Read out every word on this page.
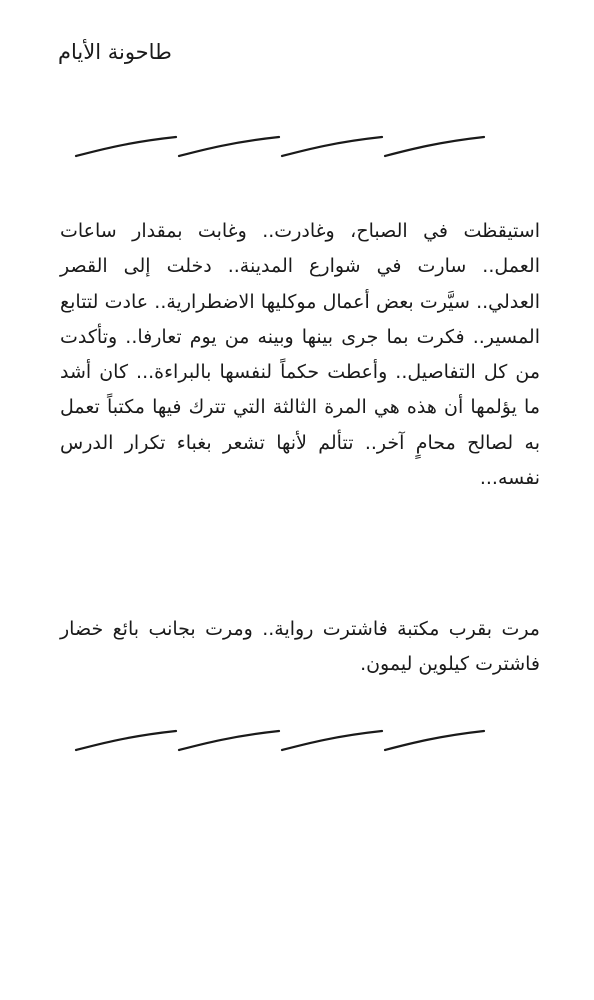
طاحونة الأيام

استيقظت في الصباح، وغادرت.. وغابت بمقدار ساعات العمل.. سارت في شوارع المدينة.. دخلت إلى القصر العدلي.. سيَّرت بعض أعمال موكليها الاضطرارية.. عادت لتتابع المسير.. فكرت بما جرى بينها وبينه من يوم تعارفا.. وتأكدت من كل التفاصيل.. وأعطت حكماً لنفسها بالبراءة... كان أشد ما يؤلمها أن هذه هي المرة الثالثة التي تترك فيها مكتباً تعمل به لصالح محامٍ آخر.. تتألم لأنها تشعر بغباء تكرار الدرس نفسه...

مرت بقرب مكتبة فاشترت رواية.. ومرت بجانب بائع خضار فاشترت كيلوين ليمون.
